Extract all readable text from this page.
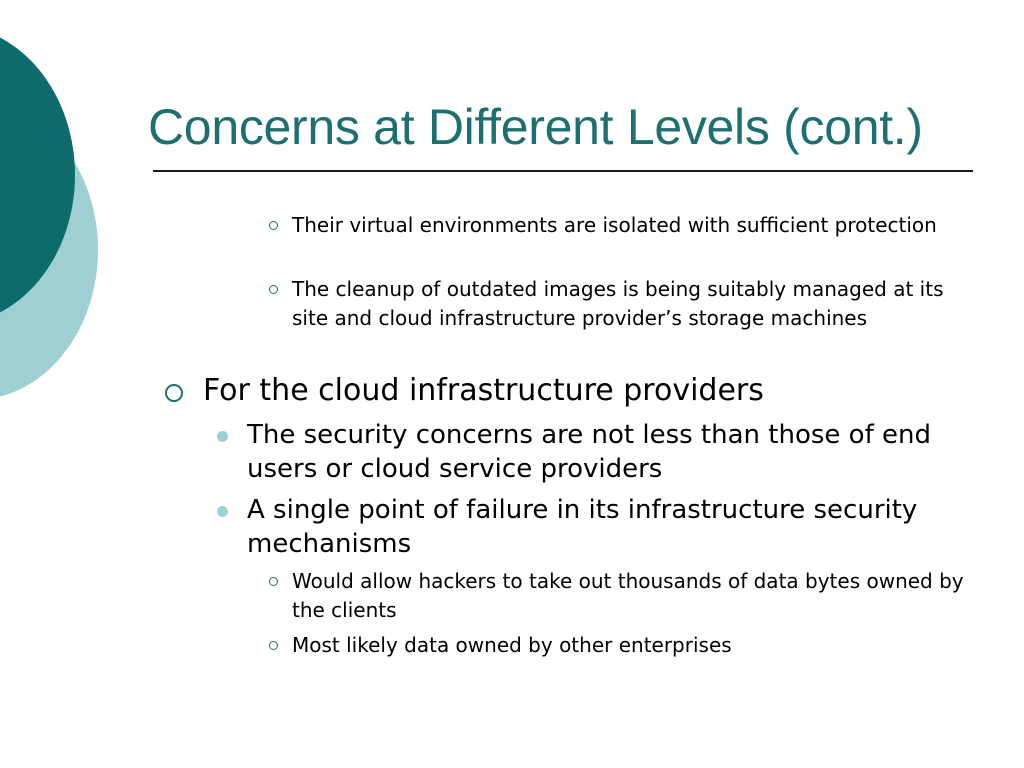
Concerns at Different Levels (cont.)
Their virtual environments are isolated with sufficient protection
The cleanup of outdated images is being suitably managed at its site and cloud infrastructure provider’s storage machines
For the cloud infrastructure providers
The security concerns are not less than those of end users or cloud service providers
A single point of failure in its infrastructure security mechanisms
Would allow hackers to take out thousands of data bytes owned by the clients
Most likely data owned by other enterprises
